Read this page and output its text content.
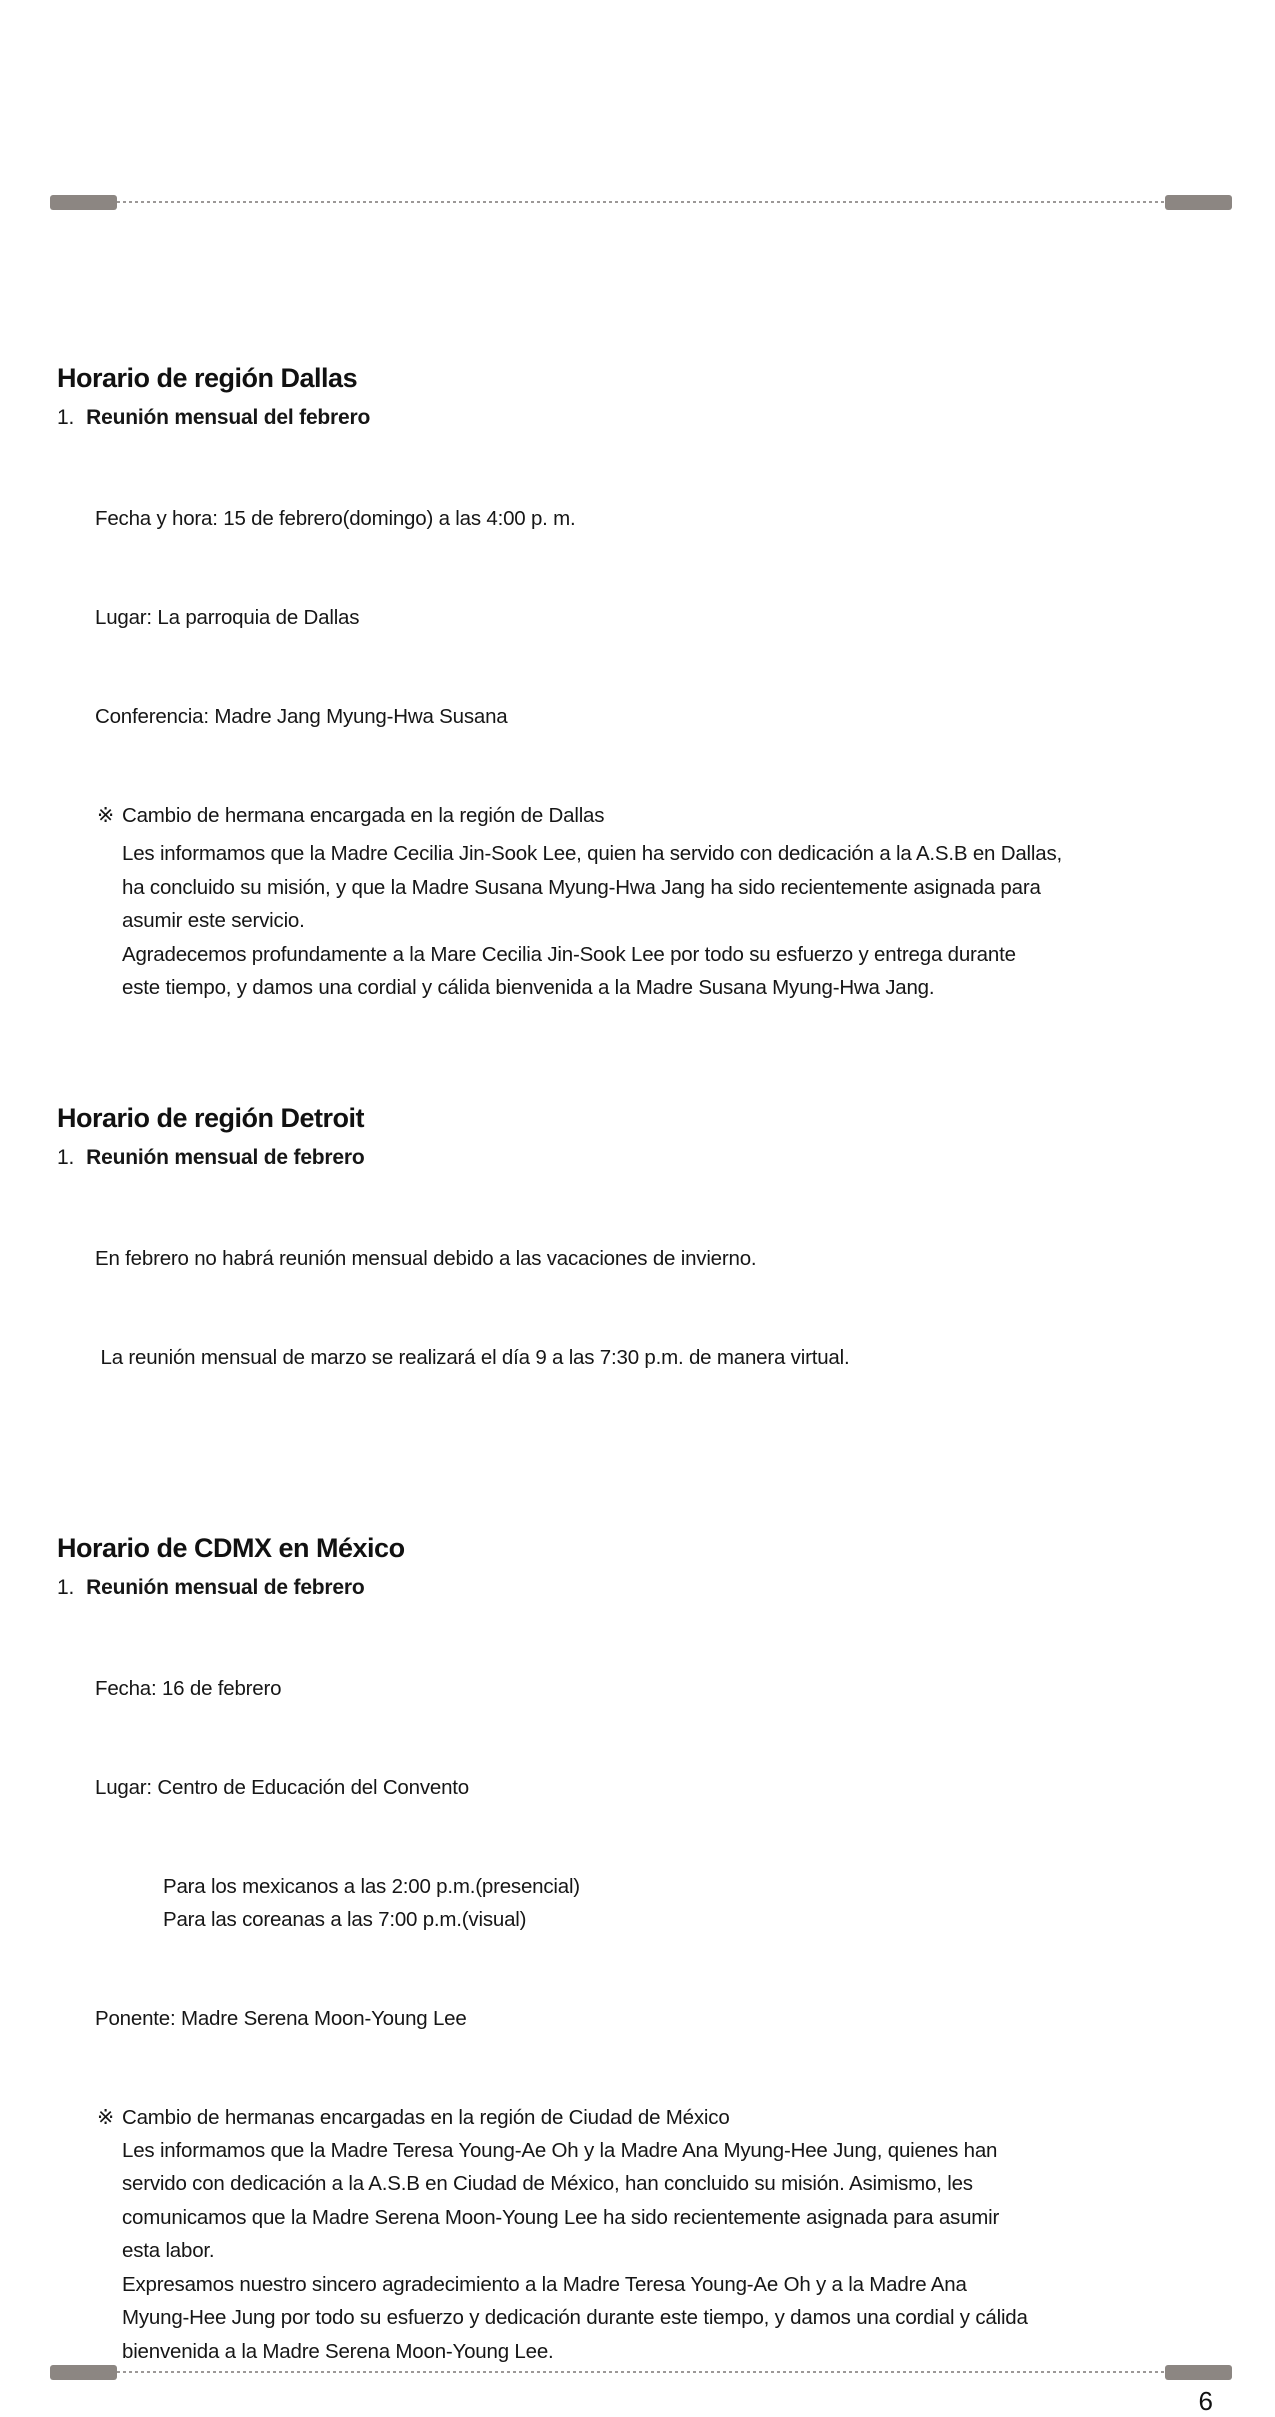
Horario de región Dallas
1. Reunión mensual del febrero

Fecha y hora: 15 de febrero(domingo) a las 4:00 p. m.

Lugar: La parroquia de Dallas

Conferencia: Madre Jang Myung-Hwa Susana

※ Cambio de hermana encargada en la región de Dallas
Les informamos que la Madre Cecilia Jin-Sook Lee, quien ha servido con dedicación a la A.S.B en Dallas,
ha concluido su misión, y que la Madre Susana Myung-Hwa Jang ha sido recientemente asignada para
asumir este servicio.
Agradecemos profundamente a la Mare Cecilia Jin-Sook Lee por todo su esfuerzo y entrega durante
este tiempo, y damos una cordial y cálida bienvenida a la Madre Susana Myung-Hwa Jang.
Horario de región Detroit
1. Reunión mensual de febrero

En febrero no habrá reunión mensual debido a las vacaciones de invierno.

La reunión mensual de marzo se realizará el día 9 a las 7:30 p.m. de manera virtual.

Horario de CDMX en México
1. Reunión mensual de febrero

Fecha: 16 de febrero

Lugar: Centro de Educación del Convento

Para los mexicanos a las 2:00 p.m.(presencial)
Para las coreanas a las 7:00 p.m.(visual)

Ponente: Madre Serena Moon-Young Lee

※ Cambio de hermanas encargadas en la región de Ciudad de México
Les informamos que la Madre Teresa Young-Ae Oh y la Madre Ana Myung-Hee Jung, quienes han
servido con dedicación a la A.S.B en Ciudad de México, han concluido su misión. Asimismo, les
comunicamos que la Madre Serena Moon-Young Lee ha sido recientemente asignada para asumir
esta labor.
Expresamos nuestro sincero agradecimiento a la Madre Teresa Young-Ae Oh y a la Madre Ana
Myung-Hee Jung por todo su esfuerzo y dedicación durante este tiempo, y damos una cordial y cálida
bienvenida a la Madre Serena Moon-Young Lee.
6
